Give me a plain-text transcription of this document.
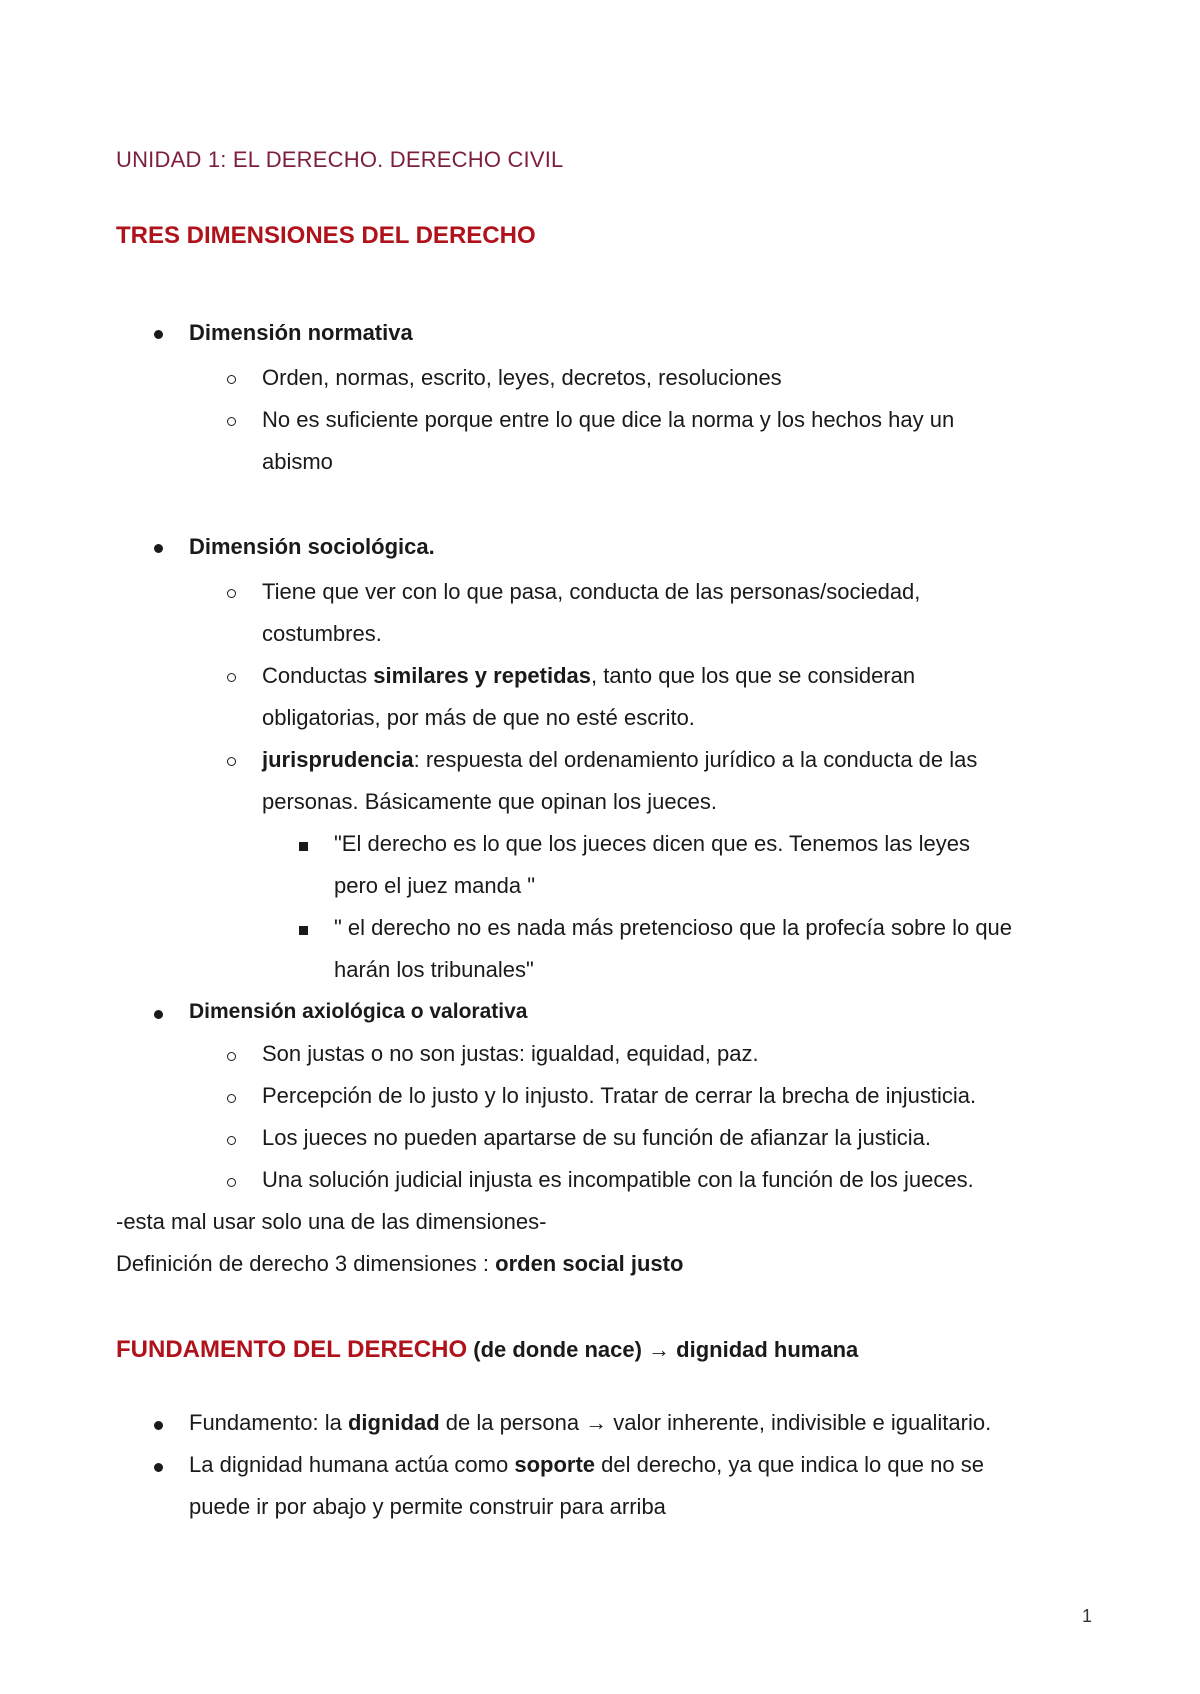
UNIDAD 1: EL DERECHO. DERECHO CIVIL
TRES DIMENSIONES DEL DERECHO
Dimensión normativa
Orden, normas, escrito, leyes, decretos, resoluciones
No es suficiente porque entre lo que dice la norma y los hechos hay un
abismo
Dimensión sociológica.
Tiene que ver con lo que pasa, conducta de las personas/sociedad,
costumbres.
Conductas similares y repetidas, tanto que los que se consideran
obligatorias, por más de que no esté escrito.
jurisprudencia: respuesta del ordenamiento jurídico a la conducta de las
personas. Básicamente que opinan los jueces.
"El derecho es lo que los jueces dicen que es. Tenemos las leyes
pero el juez manda "
" el derecho no es nada más pretencioso que la profecía sobre lo que
harán los tribunales"
Dimensión axiológica o valorativa
Son justas o no son justas: igualdad, equidad, paz.
Percepción de lo justo y lo injusto. Tratar de cerrar la brecha de injusticia.
Los jueces no pueden apartarse de su función de afianzar la justicia.
Una solución judicial injusta es incompatible con la función de los jueces.
-esta mal usar solo una de las dimensiones-
Definición de derecho 3 dimensiones : orden social justo
FUNDAMENTO DEL DERECHO (de donde nace) → dignidad humana
Fundamento: la dignidad de la persona → valor inherente, indivisible e igualitario.
La dignidad humana actúa como soporte del derecho, ya que indica lo que no se
puede ir por abajo y permite construir para arriba
1
